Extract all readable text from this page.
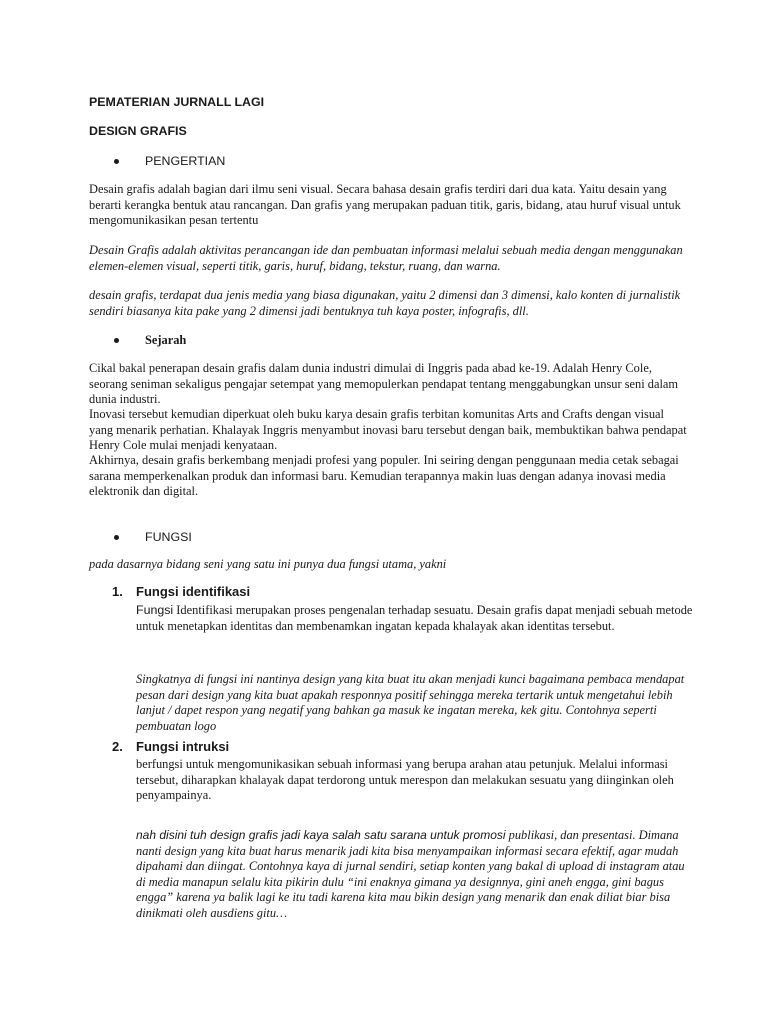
PEMATERIAN JURNALL LAGI

DESIGN GRAFIS

PENGERTIAN

Desain grafis adalah bagian dari ilmu seni visual. Secara bahasa desain grafis terdiri dari dua kata. Yaitu desain yang berarti kerangka bentuk atau rancangan. Dan grafis yang merupakan paduan titik, garis, bidang, atau huruf visual untuk mengomunikasikan pesan tertentu

Desain Grafis adalah aktivitas perancangan ide dan pembuatan informasi melalui sebuah media dengan menggunakan elemen-elemen visual, seperti titik, garis, huruf, bidang, tekstur, ruang, dan warna.

desain grafis, terdapat dua jenis media yang biasa digunakan, yaitu 2 dimensi dan 3 dimensi, kalo konten di jurnalistik sendiri biasanya kita pake yang 2 dimensi jadi bentuknya tuh kaya poster, infografis, dll.

Sejarah

Cikal bakal penerapan desain grafis dalam dunia industri dimulai di Inggris pada abad ke-19. Adalah Henry Cole, seorang seniman sekaligus pengajar setempat yang memopulerkan pendapat tentang menggabungkan unsur seni dalam dunia industri.

Inovasi tersebut kemudian diperkuat oleh buku karya desain grafis terbitan komunitas Arts and Crafts dengan visual yang menarik perhatian. Khalayak Inggris menyambut inovasi baru tersebut dengan baik, membuktikan bahwa pendapat Henry Cole mulai menjadi kenyataan.

Akhirnya, desain grafis berkembang menjadi profesi yang populer. Ini seiring dengan penggunaan media cetak sebagai sarana memperkenalkan produk dan informasi baru. Kemudian terapannya makin luas dengan adanya inovasi media elektronik dan digital.

FUNGSI

pada dasarnya bidang seni yang satu ini punya dua fungsi utama, yakni

1.	Fungsi identifikasi

Fungsi Identifikasi merupakan proses pengenalan terhadap sesuatu. Desain grafis dapat menjadi sebuah metode untuk menetapkan identitas dan membenamkan ingatan kepada khalayak akan identitas tersebut.

Singkatnya di fungsi ini nantinya design yang kita buat itu akan menjadi kunci bagaimana pembaca mendapat pesan dari design yang kita buat apakah responnya positif sehingga mereka tertarik untuk mengetahui lebih lanjut / dapet respon yang negatif yang bahkan ga masuk ke ingatan mereka, kek gitu. Contohnya seperti pembuatan logo

2.	Fungsi intruksi

berfungsi untuk mengomunikasikan sebuah informasi yang berupa arahan atau petunjuk. Melalui informasi tersebut, diharapkan khalayak dapat terdorong untuk merespon dan melakukan sesuatu yang diinginkan oleh penyampainya.

nah disini tuh design grafis jadi kaya salah satu sarana untuk promosi publikasi, dan presentasi. Dimana nanti design yang kita buat harus menarik jadi kita bisa menyampaikan informasi secara efektif, agar mudah dipahami dan diingat. Contohnya kaya di jurnal sendiri, setiap konten yang bakal di upload di instagram atau di media manapun selalu kita pikirin dulu “ini enaknya gimana ya designnya, gini aneh engga, gini bagus engga” karena ya balik lagi ke itu tadi karena kita mau bikin design yang menarik dan enak diliat biar bisa dinikmati oleh ausdiens gitu…
